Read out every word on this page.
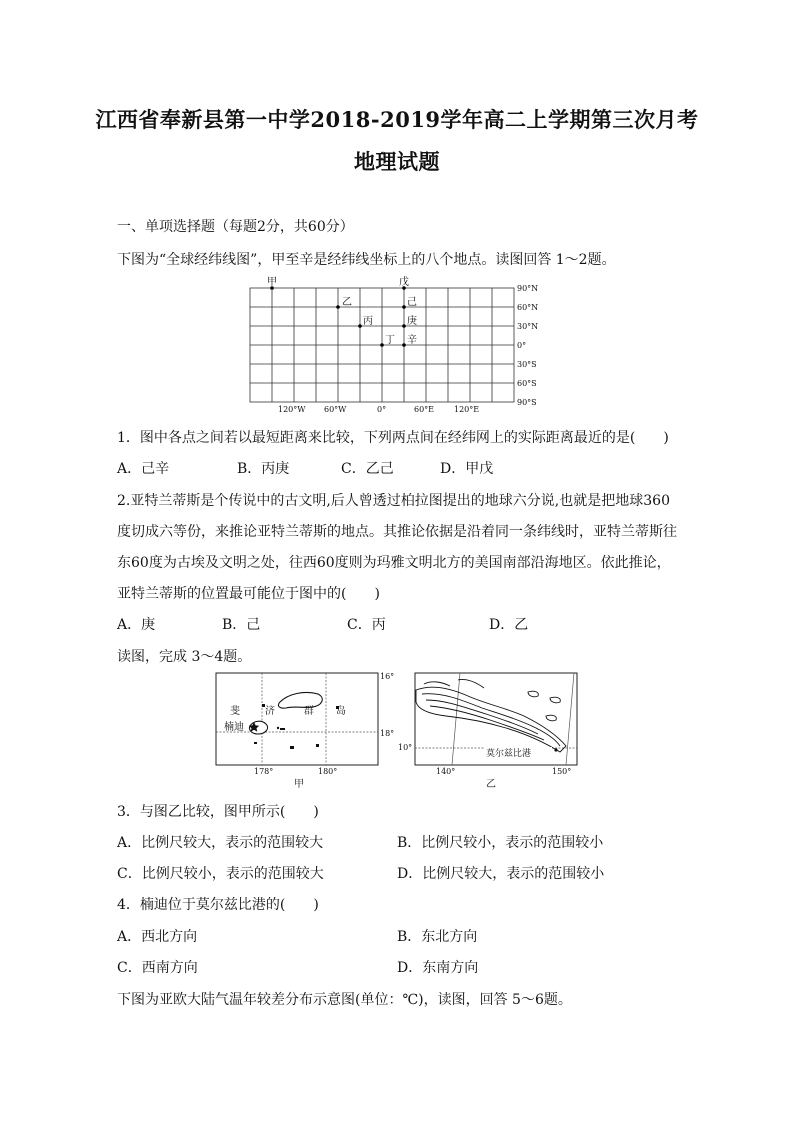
江西省奉新县第一中学2018-2019学年高二上学期第三次月考
地理试题
一、单项选择题（每题2分，共60分）
下图为“全球经纬线图”，甲至辛是经纬线坐标上的八个地点。读图回答 1～2题。
甲	戊
乙	己
丙	庚
丁 辛
90°N
60°N
30°N
0°
30°S
60°S
90°S
120°W 60°W	0°	60°E 120°E
1．图中各点之间若以最短距离来比较，下列两点间在经纬网上的实际距离最近的是(　　)
A．己辛	B．丙庚	C．乙己	D．甲戊
2.亚特兰蒂斯是个传说中的古文明,后人曾透过柏拉图提出的地球六分说,也就是把地球360
度切成六等份，来推论亚特兰蒂斯的地点。其推论依据是沿着同一条纬线时，亚特兰蒂斯往
东60度为古埃及文明之处，往西60度则为玛雅文明北方的美国南部沿海地区。依此推论，
亚特兰蒂斯的位置最可能位于图中的(　　)
A．庚	B．己	C．丙	D．乙
读图，完成 3～4题。
斐	济	群 岛
楠迪
16°
18°
178°	180°
甲
10°
莫尔兹比港
140°	150°
乙
3．与图乙比较，图甲所示(　　)
A．比例尺较大，表示的范围较大	B．比例尺较小，表示的范围较小
C．比例尺较小，表示的范围较大	D．比例尺较大，表示的范围较小
4．楠迪位于莫尔兹比港的(　　)
A．西北方向	B．东北方向
C．西南方向	D．东南方向
下图为亚欧大陆气温年较差分布示意图(单位：℃)，读图，回答 5～6题。
